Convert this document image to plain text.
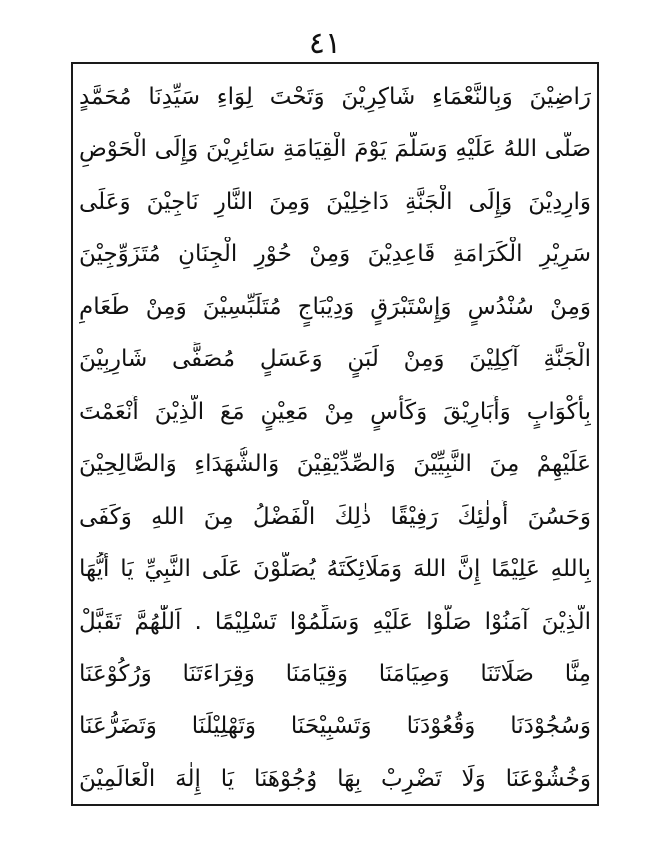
٤١
رَاضِيْنَ وَبِالنَّعْمَاءِ شَاكِرِيْنَ وَتَحْتَ لِوَاءِ سَيِّدِنَا مُحَمَّدٍ
صَلَّى اللهُ عَلَيْهِ وَسَلَّمَ يَوْمَ الْقِيَامَةِ سَائِرِيْنَ وَإِلَى الْحَوْضِ
وَارِدِيْنَ وَإِلَى الْجَنَّةِ دَاخِلِيْنَ وَمِنَ النَّارِ نَاجِيْنَ وَعَلَى
سَرِيْرِ الْكَرَامَةِ قَاعِدِيْنَ وَمِنْ حُوْرِ الْجِنَانِ مُتَزَوِّجِيْنَ
وَمِنْ سُنْدُسٍ وَإِسْتَبْرَقٍ وَدِيْبَاجٍ مُتَلَبِّسِيْنَ وَمِنْ طَعَامِ
الْجَنَّةِ آكِلِيْنَ وَمِنْ لَبَنٍ وَعَسَلٍ مُصَفًّى شَارِبِيْنَ
بِأَكْوَابٍ وَأَبَارِيْقَ وَكَأْسٍ مِنْ مَعِيْنٍ مَعَ الَّذِيْنَ أَنْعَمْتَ
عَلَيْهِمْ مِنَ النَّبِيِّيْنَ وَالصِّدِّيْقِيْنَ وَالشُّهَدَاءِ وَالصَّالِحِيْنَ
وَحَسُنَ أُولٰئِكَ رَفِيْقًا ذٰلِكَ الْفَضْلُ مِنَ اللهِ وَكَفَى
بِاللهِ عَلِيْمًا إِنَّ اللهَ وَمَلَائِكَتَهُ يُصَلُّوْنَ عَلَى النَّبِيِّ يَا أَيُّهَا
الَّذِيْنَ آمَنُوْا صَلُّوْا عَلَيْهِ وَسَلِّمُوْا تَسْلِيْمًا . اَللّٰهُمَّ تَقَبَّلْ
مِنَّا صَلَاتَنَا وَصِيَامَنَا وَقِيَامَنَا وَقِرَاءَتَنَا وَرُكُوْعَنَا
وَسُجُوْدَنَا وَقُعُوْدَنَا وَتَسْبِيْحَنَا وَتَهْلِيْلَنَا وَتَضَرُّعَنَا
وَخُشُوْعَنَا وَلَا تَضْرِبْ بِهَا وُجُوْهَنَا يَا إِلٰهَ الْعَالَمِيْنَ
